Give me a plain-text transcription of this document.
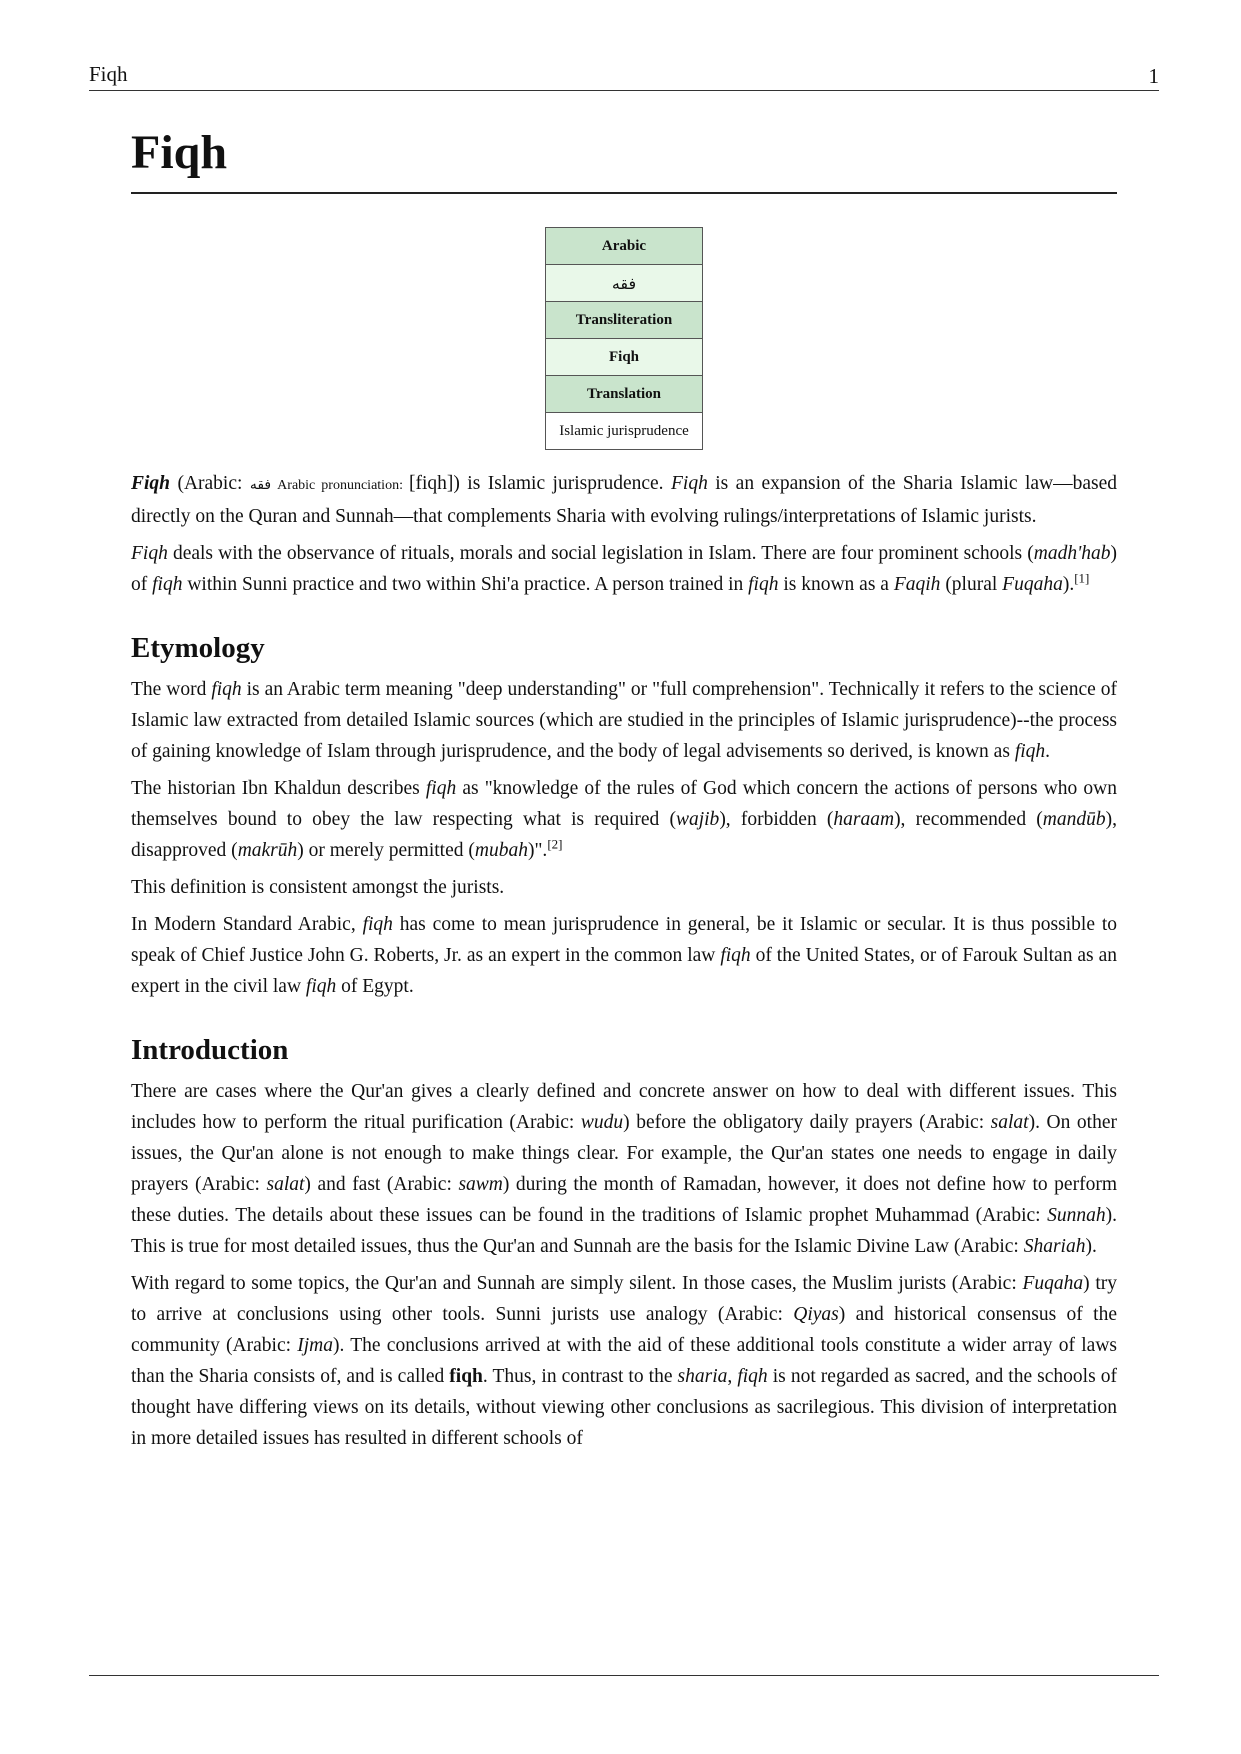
Fiqh	1
Fiqh
Arabic
فقه
Transliteration
Fiqh
Translation
Islamic jurisprudence

Fiqh (Arabic: فقه Arabic pronunciation: [fiqh]) is Islamic jurisprudence. Fiqh is an expansion of the Sharia Islamic law―based directly on the Quran and Sunnah―that complements Sharia with evolving rulings/interpretations of Islamic jurists.

Fiqh deals with the observance of rituals, morals and social legislation in Islam. There are four prominent schools (madh'hab) of fiqh within Sunni practice and two within Shi'a practice. A person trained in fiqh is known as a Faqih (plural Fuqaha).[1]

Etymology

The word fiqh is an Arabic term meaning "deep understanding" or "full comprehension". Technically it refers to the science of Islamic law extracted from detailed Islamic sources (which are studied in the principles of Islamic jurisprudence)--the process of gaining knowledge of Islam through jurisprudence, and the body of legal advisements so derived, is known as fiqh.

The historian Ibn Khaldun describes fiqh as "knowledge of the rules of God which concern the actions of persons who own themselves bound to obey the law respecting what is required (wajib), forbidden (haraam), recommended (mandūb), disapproved (makrūh) or merely permitted (mubah)".[2]

This definition is consistent amongst the jurists.

In Modern Standard Arabic, fiqh has come to mean jurisprudence in general, be it Islamic or secular. It is thus possible to speak of Chief Justice John G. Roberts, Jr. as an expert in the common law fiqh of the United States, or of Farouk Sultan as an expert in the civil law fiqh of Egypt.

Introduction

There are cases where the Qur'an gives a clearly defined and concrete answer on how to deal with different issues. This includes how to perform the ritual purification (Arabic: wudu) before the obligatory daily prayers (Arabic: salat). On other issues, the Qur'an alone is not enough to make things clear. For example, the Qur'an states one needs to engage in daily prayers (Arabic: salat) and fast (Arabic: sawm) during the month of Ramadan, however, it does not define how to perform these duties. The details about these issues can be found in the traditions of Islamic prophet Muhammad (Arabic: Sunnah). This is true for most detailed issues, thus the Qur'an and Sunnah are the basis for the Islamic Divine Law (Arabic: Shariah).

With regard to some topics, the Qur'an and Sunnah are simply silent. In those cases, the Muslim jurists (Arabic: Fuqaha) try to arrive at conclusions using other tools. Sunni jurists use analogy (Arabic: Qiyas) and historical consensus of the community (Arabic: Ijma). The conclusions arrived at with the aid of these additional tools constitute a wider array of laws than the Sharia consists of, and is called fiqh. Thus, in contrast to the sharia, fiqh is not regarded as sacred, and the schools of thought have differing views on its details, without viewing other conclusions as sacrilegious. This division of interpretation in more detailed issues has resulted in different schools of
